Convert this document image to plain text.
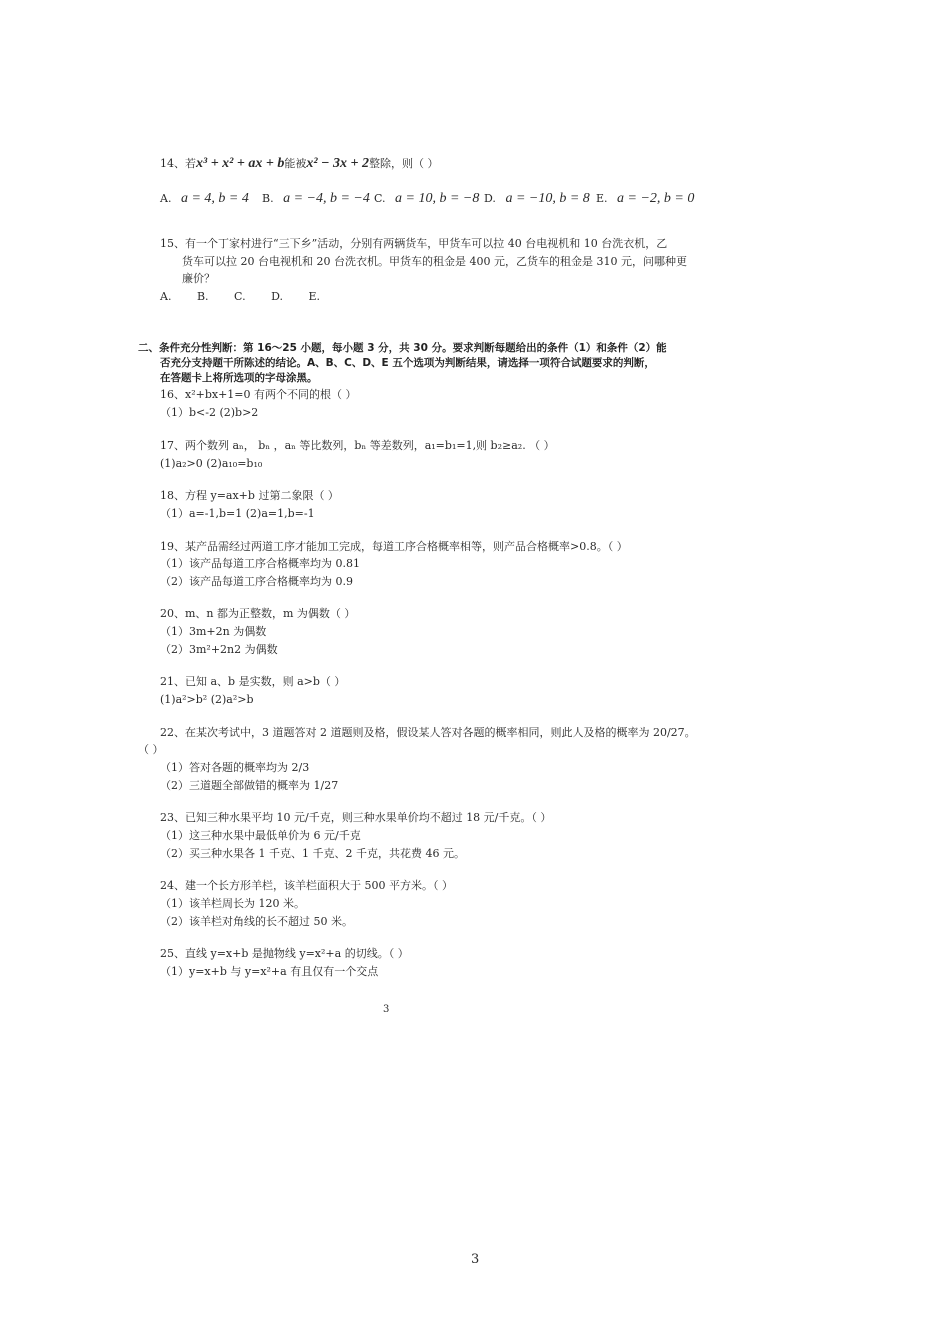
14、若x³ + x² + ax + b能被x² − 3x + 2整除，则（ ）
A. a = 4, b = 4 B. a = −4, b = −4 C. a = 10, b = −8 D. a = −10, b = 8 E. a = −2, b = 0
15、有一个丁家村进行“三下乡”活动，分别有两辆货车，甲货车可以拉 40 台电视机和 10 台洗衣机，乙
货车可以拉 20 台电视机和 20 台洗衣机。甲货车的租金是 400 元，乙货车的租金是 310 元，问哪种更
廉价？
A. B. C. D. E.
二、条件充分性判断：第 16～25 小题，每小题 3 分，共 30 分。要求判断每题给出的条件（1）和条件（2）能
否充分支持题干所陈述的结论。A、B、C、D、E 五个选项为判断结果，请选择一项符合试题要求的判断，
在答题卡上将所选项的字母涂黑。
16、x²+bx+1=0 有两个不同的根（ ）
（1）b<-2 (2)b>2
17、两个数列 aₙ， bₙ ，aₙ 等比数列，bₙ 等差数列，a₁=b₁=1,则 b₂≥a₂. （ ）
(1)a₂>0 (2)a₁₀=b₁₀
18、方程 y=ax+b 过第二象限（ ）
（1）a=-1,b=1 (2)a=1,b=-1
19、某产品需经过两道工序才能加工完成，每道工序合格概率相等，则产品合格概率>0.8。（ ）
（1）该产品每道工序合格概率均为 0.81
（2）该产品每道工序合格概率均为 0.9
20、m、n 都为正整数，m 为偶数（ ）
（1）3m+2n 为偶数
（2）3m²+2n2 为偶数
21、已知 a、b 是实数，则 a>b（ ）
(1)a²>b² (2)a²>b
22、在某次考试中，3 道题答对 2 道题则及格，假设某人答对各题的概率相同，则此人及格的概率为 20/27。
（ ）
（1）答对各题的概率均为 2/3
（2）三道题全部做错的概率为 1/27
23、已知三种水果平均 10 元/千克，则三种水果单价均不超过 18 元/千克。（ ）
（1）这三种水果中最低单价为 6 元/千克
（2）买三种水果各 1 千克、1 千克、2 千克，共花费 46 元。
24、建一个长方形羊栏，该羊栏面积大于 500 平方米。（ ）
（1）该羊栏周长为 120 米。
（2）该羊栏对角线的长不超过 50 米。
25、直线 y=x+b 是抛物线 y=x²+a 的切线。（ ）
（1）y=x+b 与 y=x²+a 有且仅有一个交点
3
3
